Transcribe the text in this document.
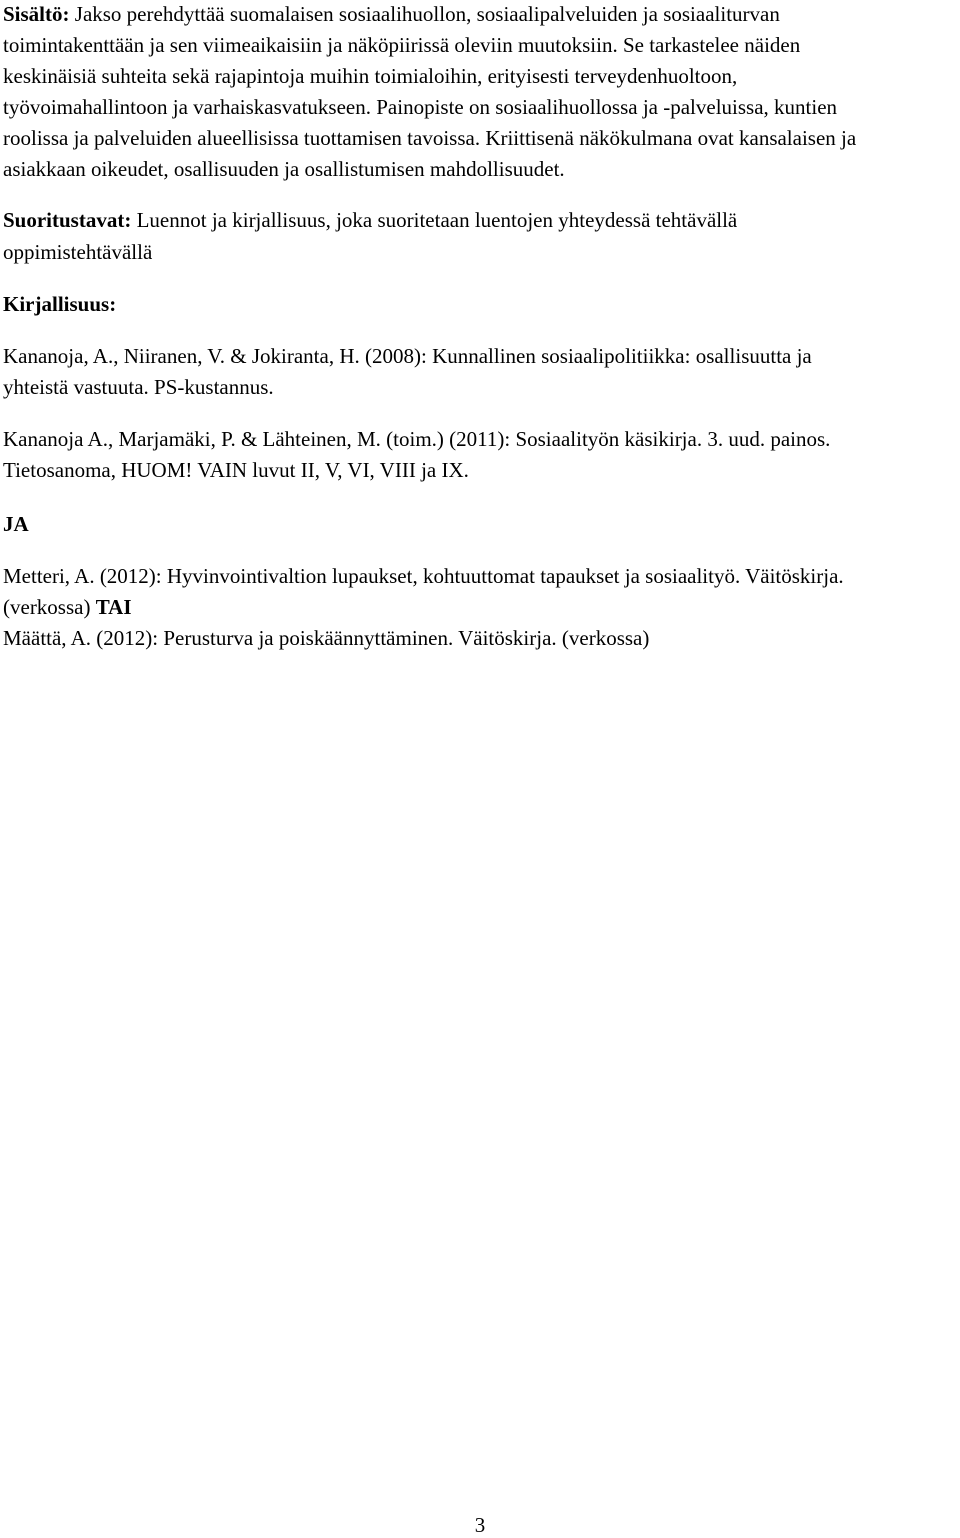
Sisältö: Jakso perehdyttää suomalaisen sosiaalihuollon, sosiaalipalveluiden ja sosiaaliturvan
toimintakenttään ja sen viimeaikaisiin ja näköpiirissä oleviin muutoksiin. Se tarkastelee näiden
keskinäisiä suhteita sekä rajapintoja muihin toimialoihin, erityisesti terveydenhuoltoon,
työvoimahallintoon ja varhaiskasvatukseen. Painopiste on sosiaalihuollossa ja -palveluissa, kuntien
roolissa ja palveluiden alueellisissa tuottamisen tavoissa. Kriittisenä näkökulmana ovat kansalaisen ja
asiakkaan oikeudet, osallisuuden ja osallistumisen mahdollisuudet.
Suoritustavat: Luennot ja kirjallisuus, joka suoritetaan luentojen yhteydessä tehtävällä
oppimistehtävällä
Kirjallisuus:
Kananoja, A., Niiranen, V. & Jokiranta, H. (2008): Kunnallinen sosiaalipolitiikka: osallisuutta ja
yhteistä vastuuta. PS-kustannus.
Kananoja A., Marjamäki, P. & Lähteinen, M. (toim.) (2011): Sosiaalityön käsikirja. 3. uud. painos.
Tietosanoma, HUOM! VAIN luvut II, V, VI, VIII ja IX.
JA
Metteri, A. (2012): Hyvinvointivaltion lupaukset, kohtuuttomat tapaukset ja sosiaalityö. Väitöskirja.
(verkossa) TAI
Määttä, A. (2012): Perusturva ja poiskäännyttäminen. Väitöskirja. (verkossa)
3
